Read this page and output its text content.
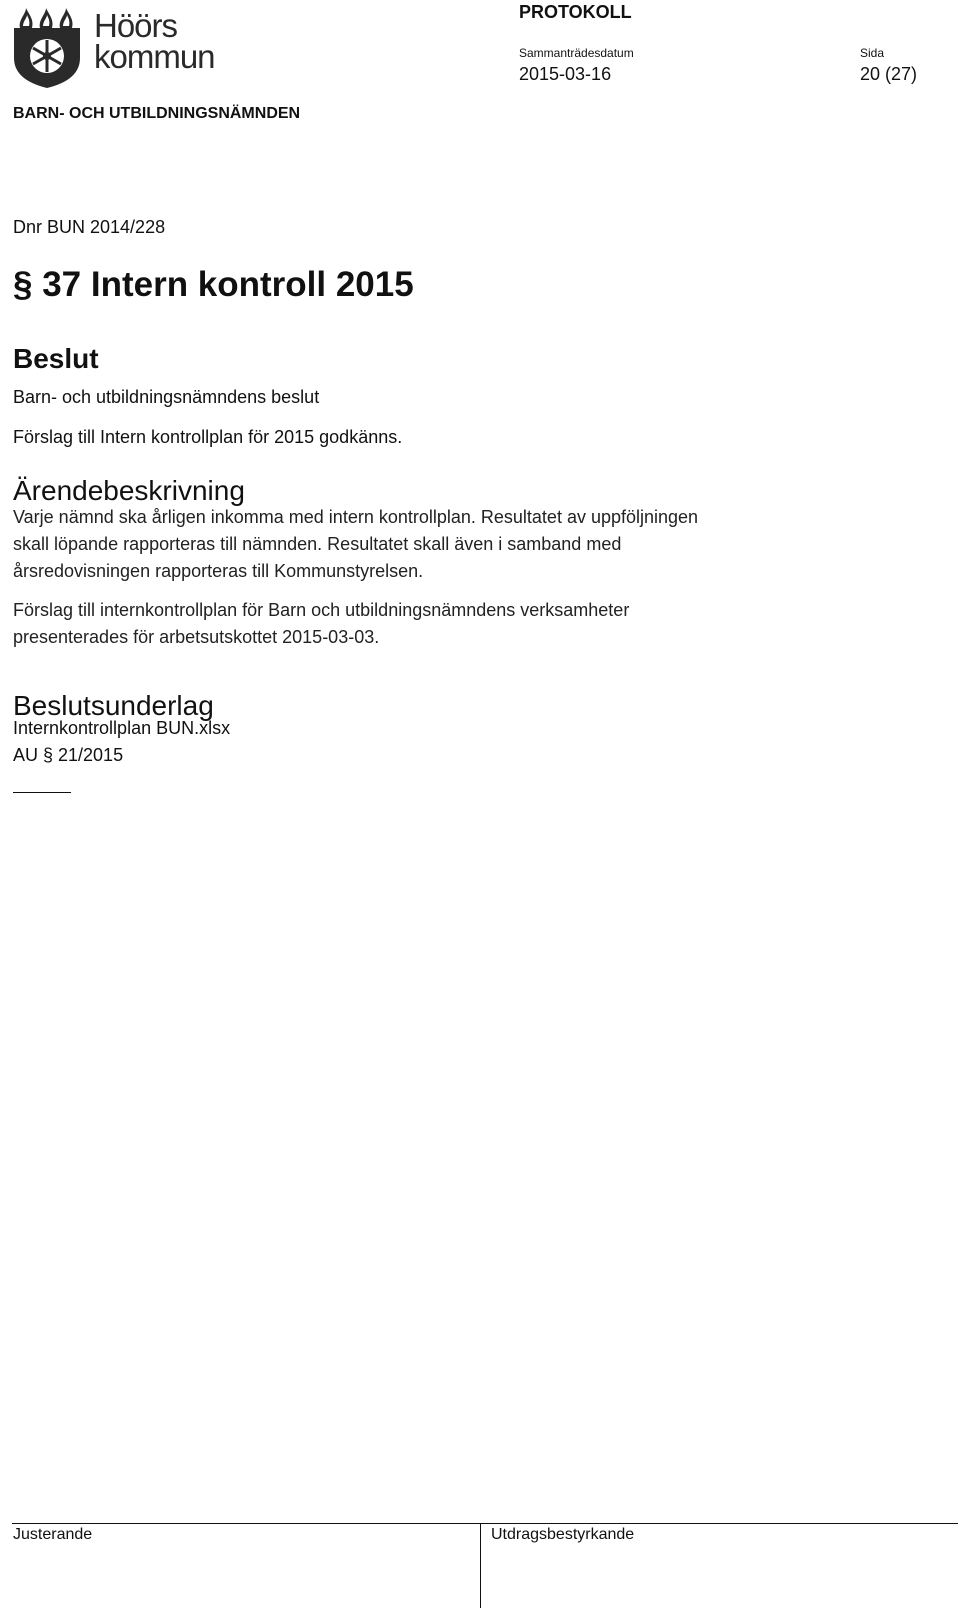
Höörs
kommun
PROTOKOLL
Sammanträdesdatum	Sida
2015-03-16	20 (27)
BARN- OCH UTBILDNINGSNÄMNDEN
Dnr BUN 2014/228
§ 37 Intern kontroll 2015
Beslut
Barn- och utbildningsnämndens beslut
Förslag till Intern kontrollplan för 2015 godkänns.
Ärendebeskrivning
Varje nämnd ska årligen inkomma med intern kontrollplan. Resultatet av uppföljningen
skall löpande rapporteras till nämnden. Resultatet skall även i samband med
årsredovisningen rapporteras till Kommunstyrelsen.
Förslag till internkontrollplan för Barn och utbildningsnämndens verksamheter
presenterades för arbetsutskottet 2015-03-03.
Beslutsunderlag
Internkontrollplan BUN.xlsx
AU § 21/2015
Justerande	Utdragsbestyrkande
